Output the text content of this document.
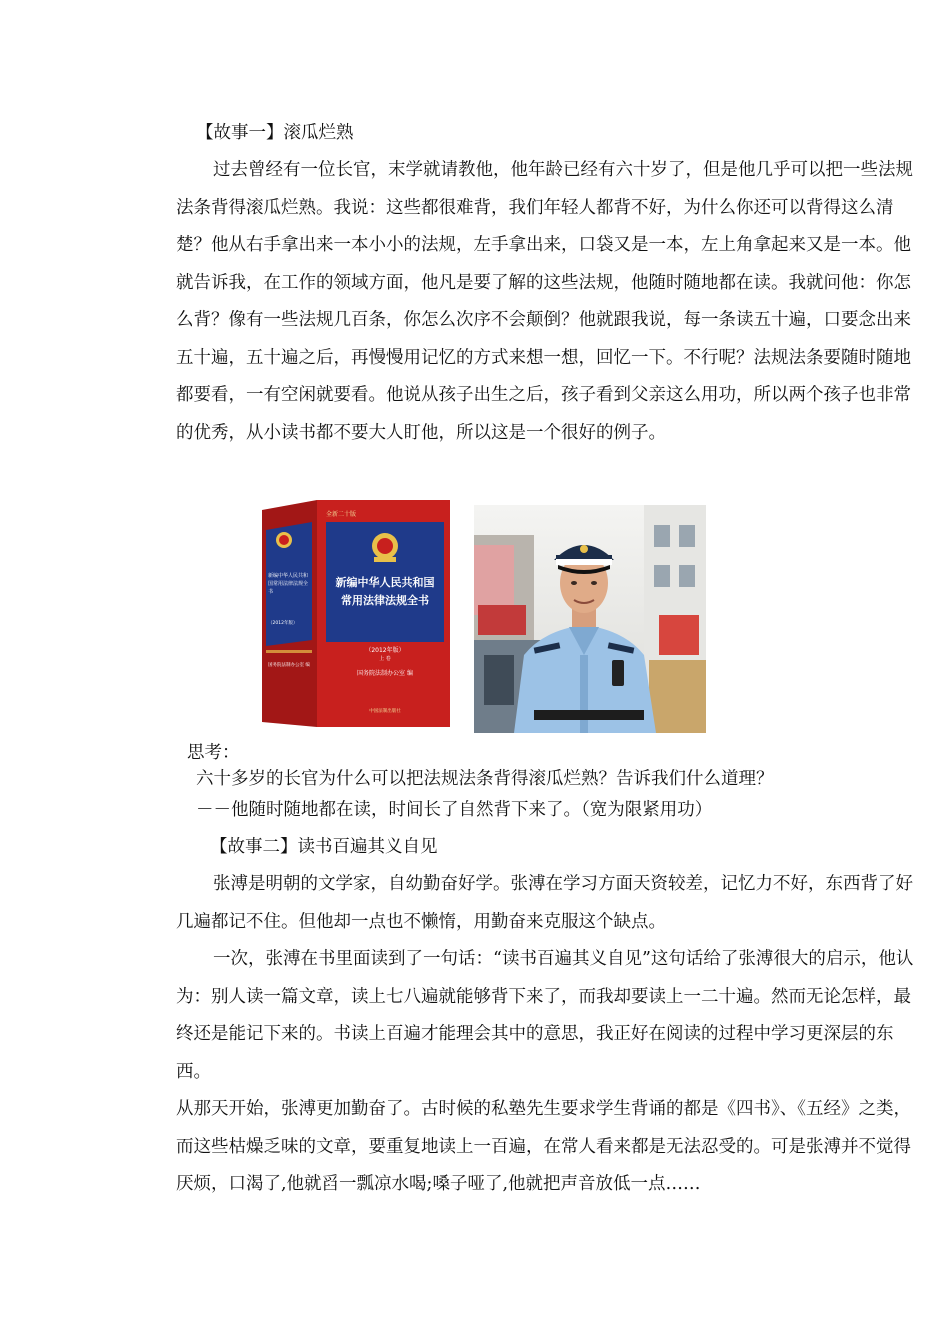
【故事一】滚瓜烂熟
过去曾经有一位长官，末学就请教他，他年龄已经有六十岁了，但是他几乎可以把一些法规法条背得滚瓜烂熟。我说：这些都很难背，我们年轻人都背不好，为什么你还可以背得这么清楚？他从右手拿出来一本小小的法规，左手拿出来，口袋又是一本，左上角拿起来又是一本。他就告诉我，在工作的领域方面，他凡是要了解的这些法规，他随时随地都在读。我就问他：你怎么背？像有一些法规几百条，你怎么次序不会颠倒？他就跟我说，每一条读五十遍，口要念出来五十遍，五十遍之后，再慢慢用记忆的方式来想一想，回忆一下。不行呢？法规法条要随时随地都要看，一有空闲就要看。他说从孩子出生之后，孩子看到父亲这么用功，所以两个孩子也非常的优秀，从小读书都不要大人盯他，所以这是一个很好的例子。
全新二十版
新编中华人民共和国常用法律法规全书
（2012年版）
国务院法制办公室 编
新编中华人民共和国
常用法律法规全书
（2012年版）
上 卷
国务院法制办公室 编
中国法制出版社
思考：
六十多岁的长官为什么可以把法规法条背得滚瓜烂熟？告诉我们什么道理？
－－他随时随地都在读，时间长了自然背下来了。（宽为限紧用功）
【故事二】读书百遍其义自见
张溥是明朝的文学家，自幼勤奋好学。张溥在学习方面天资较差，记忆力不好，东西背了好几遍都记不住。但他却一点也不懒惰，用勤奋来克服这个缺点。
一次，张溥在书里面读到了一句话：“读书百遍其义自见”这句话给了张溥很大的启示，他认为：别人读一篇文章，读上七八遍就能够背下来了，而我却要读上一二十遍。然而无论怎样，最终还是能记下来的。书读上百遍才能理会其中的意思，我正好在阅读的过程中学习更深层的东西。
从那天开始，张溥更加勤奋了。古时候的私塾先生要求学生背诵的都是《四书》、《五经》之类，而这些枯燥乏味的文章，要重复地读上一百遍，在常人看来都是无法忍受的。可是张溥并不觉得厌烦，口渴了,他就舀一瓢凉水喝;嗓子哑了,他就把声音放低一点……
